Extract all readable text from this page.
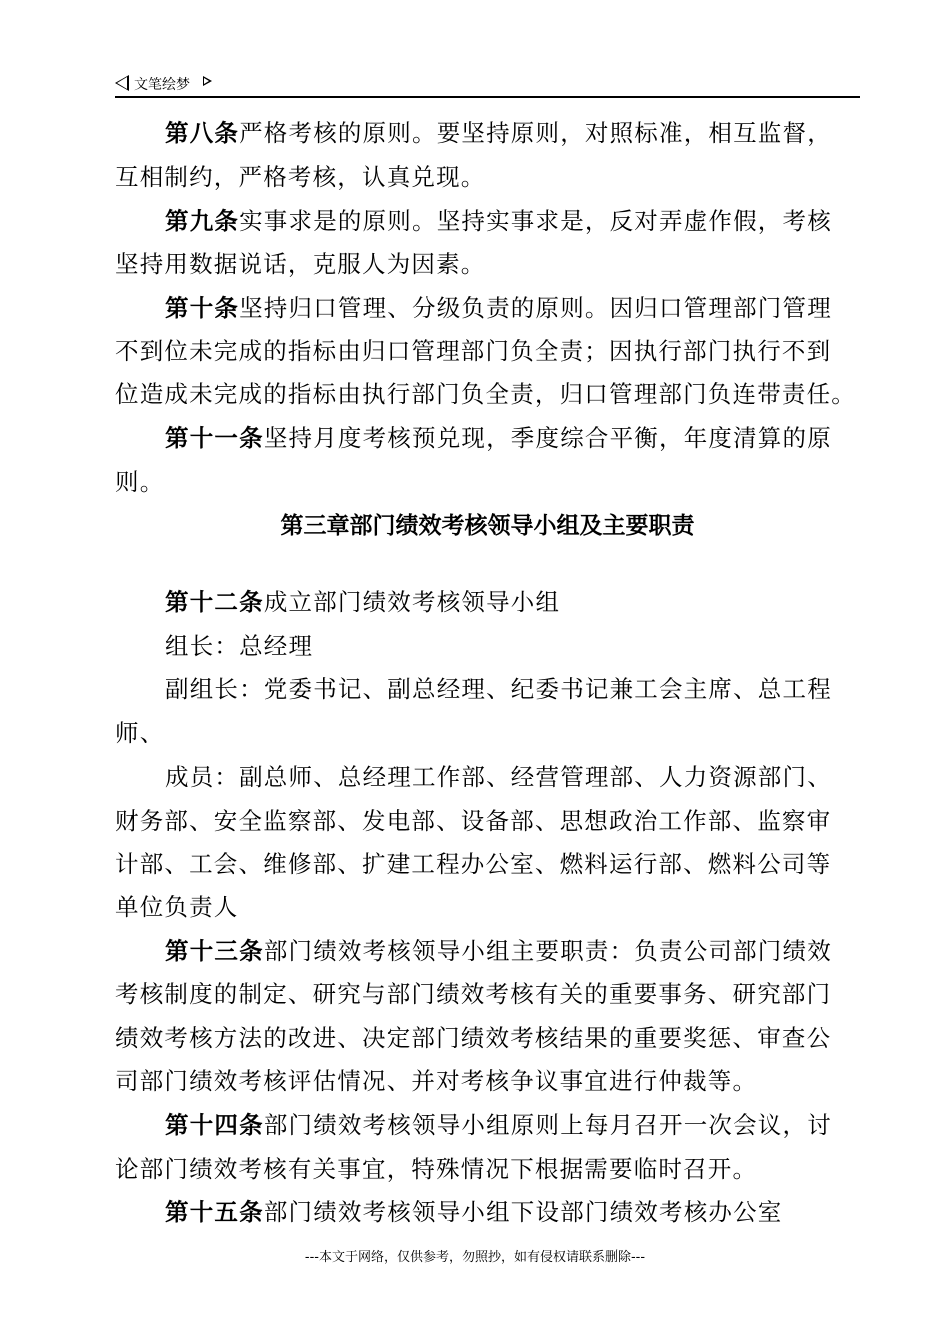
文笔绘梦
第八条严格考核的原则。要坚持原则，对照标准，相互监督，
互相制约，严格考核，认真兑现。
第九条实事求是的原则。坚持实事求是，反对弄虚作假，考核
坚持用数据说话，克服人为因素。
第十条坚持归口管理、分级负责的原则。因归口管理部门管理
不到位未完成的指标由归口管理部门负全责；因执行部门执行不到
位造成未完成的指标由执行部门负全责，归口管理部门负连带责任。
第十一条坚持月度考核预兑现，季度综合平衡，年度清算的原
则。
第三章部门绩效考核领导小组及主要职责
第十二条成立部门绩效考核领导小组
组长：总经理
副组长：党委书记、副总经理、纪委书记兼工会主席、总工程
师、
成员：副总师、总经理工作部、经营管理部、人力资源部门、
财务部、安全监察部、发电部、设备部、思想政治工作部、监察审
计部、工会、维修部、扩建工程办公室、燃料运行部、燃料公司等
单位负责人
第十三条部门绩效考核领导小组主要职责：负责公司部门绩效
考核制度的制定、研究与部门绩效考核有关的重要事务、研究部门
绩效考核方法的改进、决定部门绩效考核结果的重要奖惩、审查公
司部门绩效考核评估情况、并对考核争议事宜进行仲裁等。
第十四条部门绩效考核领导小组原则上每月召开一次会议，讨
论部门绩效考核有关事宜，特殊情况下根据需要临时召开。
第十五条部门绩效考核领导小组下设部门绩效考核办公室
---本文于网络，仅供参考，勿照抄，如有侵权请联系删除---
